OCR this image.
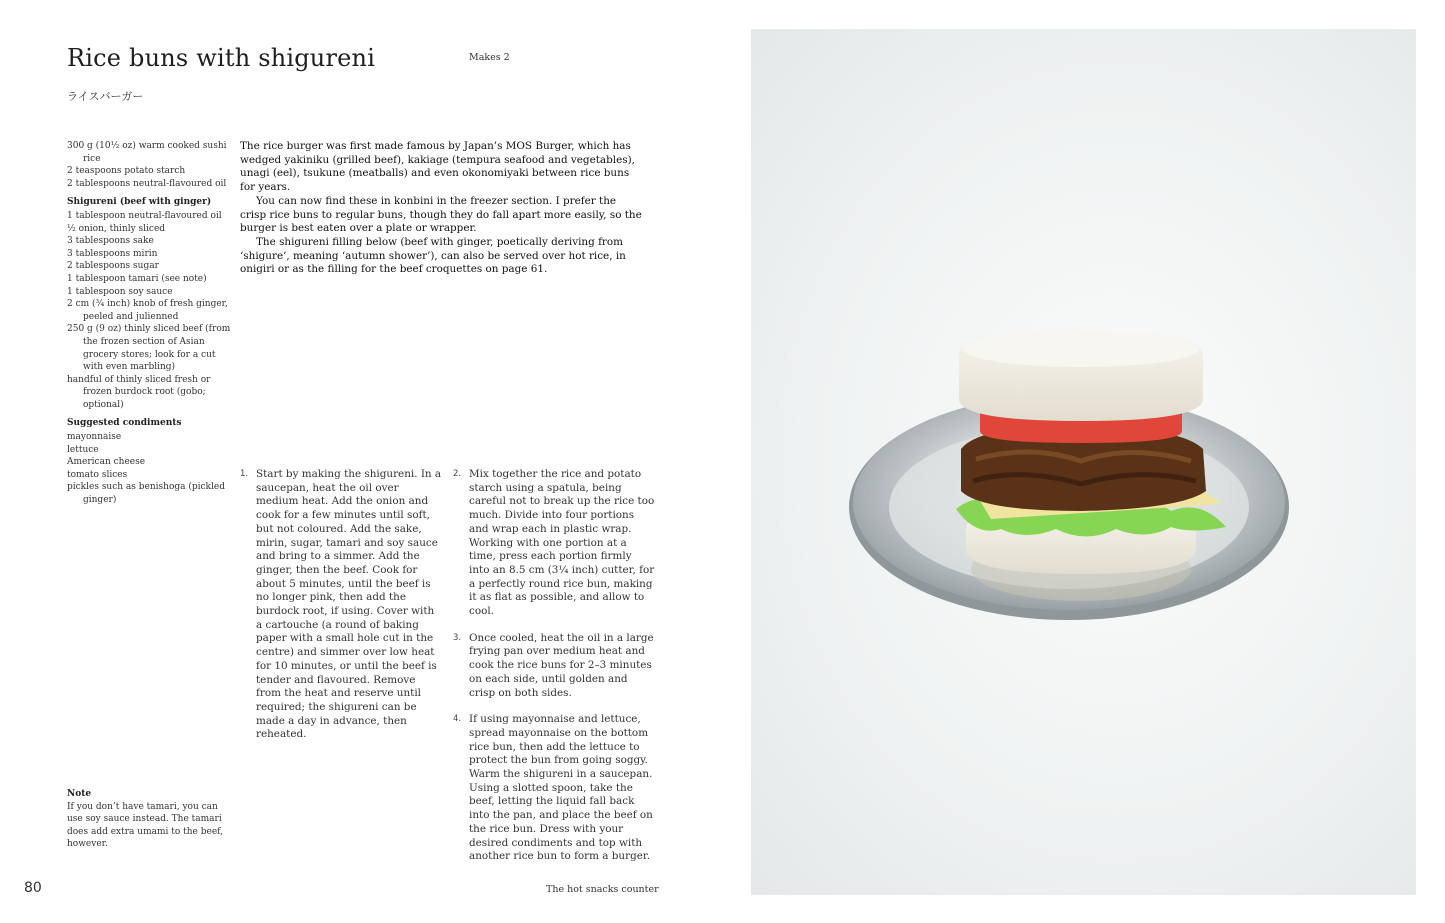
Rice buns with shigureni
ライスバーガー
Makes 2
300 g (10½ oz) warm cooked sushi rice
2 teaspoons potato starch
2 tablespoons neutral-flavoured oil
Shigureni (beef with ginger)
1 tablespoon neutral-flavoured oil
½ onion, thinly sliced
3 tablespoons sake
3 tablespoons mirin
2 tablespoons sugar
1 tablespoon tamari (see note)
1 tablespoon soy sauce
2 cm (¾ inch) knob of fresh ginger, peeled and julienned
250 g (9 oz) thinly sliced beef (from the frozen section of Asian grocery stores; look for a cut with even marbling)
handful of thinly sliced fresh or frozen burdock root (gobo; optional)
Suggested condiments
mayonnaise
lettuce
American cheese
tomato slices
pickles such as benishoga (pickled ginger)

The rice burger was first made famous by Japan’s MOS Burger, which has wedged yakiniku (grilled beef), kakiage (tempura seafood and vegetables), unagi (eel), tsukune (meatballs) and even okonomiyaki between rice buns for years.

You can now find these in konbini in the freezer section. I prefer the crisp rice buns to regular buns, though they do fall apart more easily, so the burger is best eaten over a plate or wrapper.

The shigureni filling below (beef with ginger, poetically deriving from ‘shigure’, meaning ‘autumn shower’), can also be served over hot rice, in onigiri or as the filling for the beef croquettes on page 61.

1. Start by making the shigureni. In a saucepan, heat the oil over medium heat. Add the onion and cook for a few minutes until soft, but not coloured. Add the sake, mirin, sugar, tamari and soy sauce and bring to a simmer. Add the ginger, then the beef. Cook for about 5 minutes, until the beef is no longer pink, then add the burdock root, if using. Cover with a cartouche (a round of baking paper with a small hole cut in the centre) and simmer over low heat for 10 minutes, or until the beef is tender and flavoured. Remove from the heat and reserve until required; the shigureni can be made a day in advance, then reheated.
2. Mix together the rice and potato starch using a spatula, being careful not to break up the rice too much. Divide into four portions and wrap each in plastic wrap. Working with one portion at a time, press each portion firmly into an 8.5 cm (3¼ inch) cutter, for a perfectly round rice bun, making it as flat as possible, and allow to cool.
3. Once cooled, heat the oil in a large frying pan over medium heat and cook the rice buns for 2–3 minutes on each side, until golden and crisp on both sides.
4. If using mayonnaise and lettuce, spread mayonnaise on the bottom rice bun, then add the lettuce to protect the bun from going soggy. Warm the shigureni in a saucepan. Using a slotted spoon, take the beef, letting the liquid fall back into the pan, and place the beef on the rice bun. Dress with your desired condiments and top with another rice bun to form a burger.
Note
If you don’t have tamari, you can use soy sauce instead. The tamari does add extra umami to the beef, however.
80	The hot snacks counter
